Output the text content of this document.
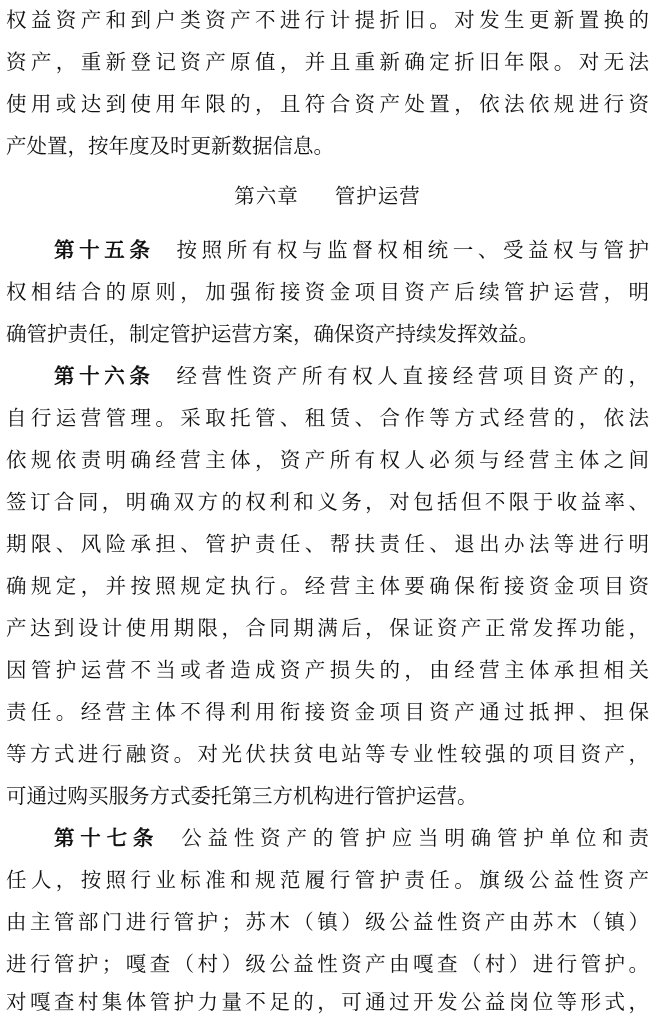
权益资产和到户类资产不进行计提折旧。对发生更新置换的
资产，重新登记资产原值，并且重新确定折旧年限。对无法
使用或达到使用年限的，且符合资产处置，依法依规进行资
产处置，按年度及时更新数据信息。
第六章 管护运营
第十五条 按照所有权与监督权相统一、受益权与管护
权相结合的原则，加强衔接资金项目资产后续管护运营，明
确管护责任，制定管护运营方案，确保资产持续发挥效益。
第十六条 经营性资产所有权人直接经营项目资产的，
自行运营管理。采取托管、租赁、合作等方式经营的，依法
依规依责明确经营主体，资产所有权人必须与经营主体之间
签订合同，明确双方的权利和义务，对包括但不限于收益率、
期限、风险承担、管护责任、帮扶责任、退出办法等进行明
确规定，并按照规定执行。经营主体要确保衔接资金项目资
产达到设计使用期限，合同期满后，保证资产正常发挥功能，
因管护运营不当或者造成资产损失的，由经营主体承担相关
责任。经营主体不得利用衔接资金项目资产通过抵押、担保
等方式进行融资。对光伏扶贫电站等专业性较强的项目资产，
可通过购买服务方式委托第三方机构进行管护运营。
第十七条 公益性资产的管护应当明确管护单位和责
任人，按照行业标准和规范履行管护责任。旗级公益性资产
由主管部门进行管护；苏木（镇）级公益性资产由苏木（镇）
进行管护；嘎查（村）级公益性资产由嘎查（村）进行管护。
对嘎查村集体管护力量不足的，可通过开发公益岗位等形式，
